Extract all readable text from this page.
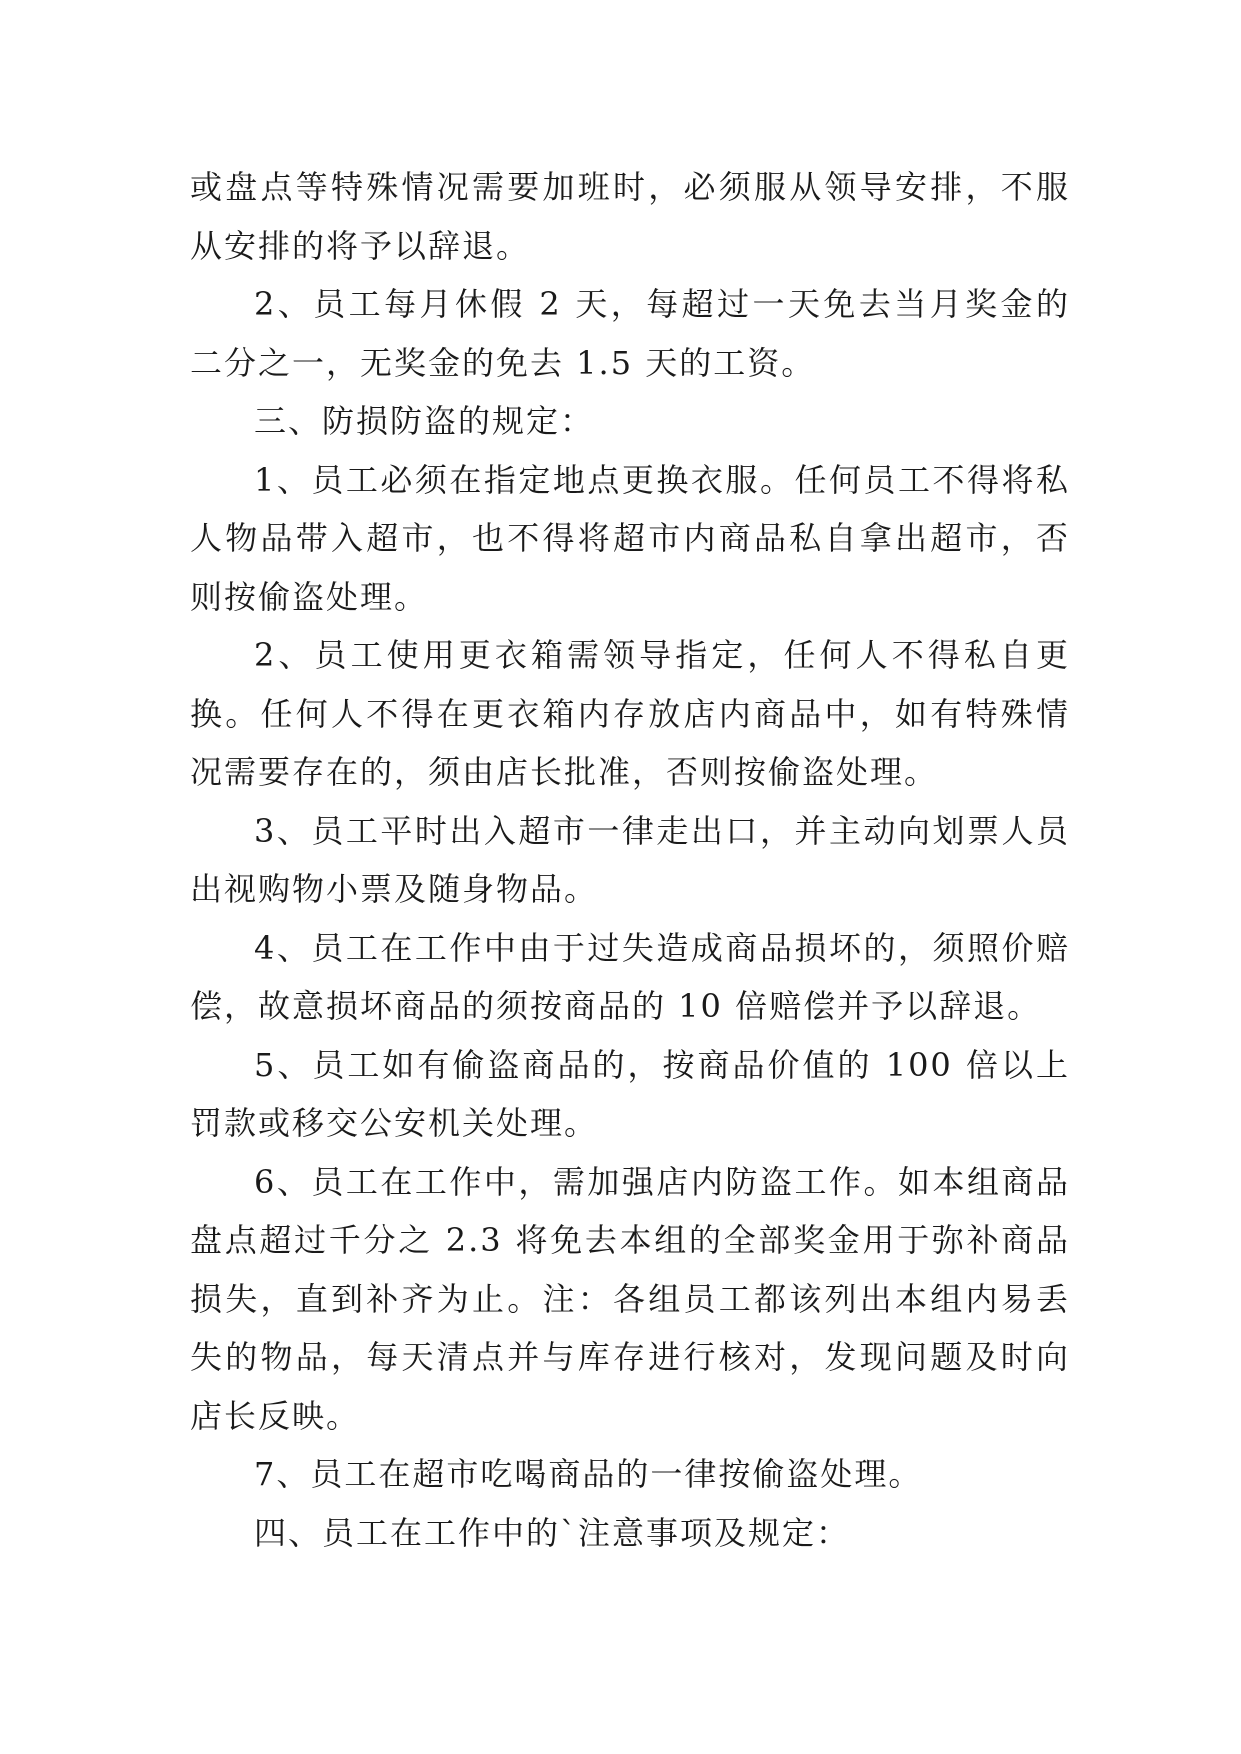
或盘点等特殊情况需要加班时，必须服从领导安排，不服从安排的将予以辞退。

2、员工每月休假 2 天，每超过一天免去当月奖金的二分之一，无奖金的免去 1.5 天的工资。

三、防损防盗的规定：

1、员工必须在指定地点更换衣服。任何员工不得将私人物品带入超市，也不得将超市内商品私自拿出超市，否则按偷盗处理。

2、员工使用更衣箱需领导指定，任何人不得私自更换。任何人不得在更衣箱内存放店内商品中，如有特殊情况需要存在的，须由店长批准，否则按偷盗处理。

3、员工平时出入超市一律走出口，并主动向划票人员出视购物小票及随身物品。

4、员工在工作中由于过失造成商品损坏的，须照价赔偿，故意损坏商品的须按商品的 10 倍赔偿并予以辞退。

5、员工如有偷盗商品的，按商品价值的 100 倍以上罚款或移交公安机关处理。

6、员工在工作中，需加强店内防盗工作。如本组商品盘点超过千分之 2.3 将免去本组的全部奖金用于弥补商品损失，直到补齐为止。注：各组员工都该列出本组内易丢失的物品，每天清点并与库存进行核对，发现问题及时向店长反映。

7、员工在超市吃喝商品的一律按偷盗处理。

四、员工在工作中的`注意事项及规定：
